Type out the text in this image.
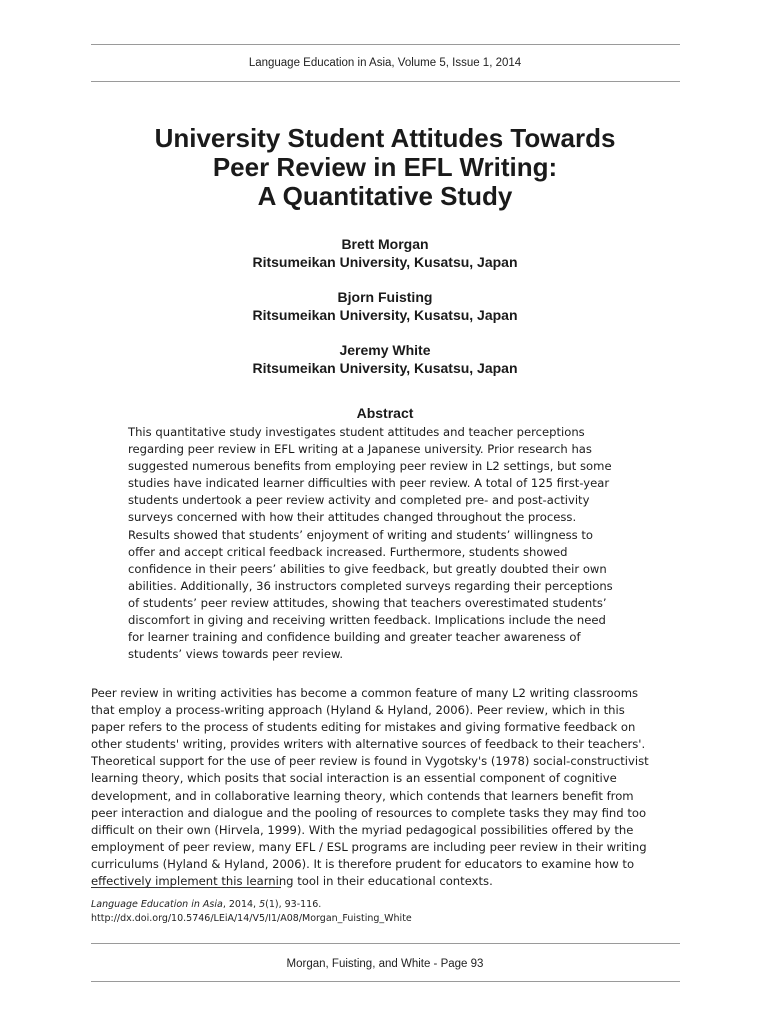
Language Education in Asia, Volume 5, Issue 1, 2014
University Student Attitudes Towards
Peer Review in EFL Writing:
A Quantitative Study
Brett Morgan
Ritsumeikan University, Kusatsu, Japan
Bjorn Fuisting
Ritsumeikan University, Kusatsu, Japan
Jeremy White
Ritsumeikan University, Kusatsu, Japan
Abstract
This quantitative study investigates student attitudes and teacher perceptions
regarding peer review in EFL writing at a Japanese university. Prior research has
suggested numerous benefits from employing peer review in L2 settings, but some
studies have indicated learner difficulties with peer review. A total of 125 first-year
students undertook a peer review activity and completed pre- and post-activity
surveys concerned with how their attitudes changed throughout the process.
Results showed that students’ enjoyment of writing and students’ willingness to
offer and accept critical feedback increased. Furthermore, students showed
confidence in their peers’ abilities to give feedback, but greatly doubted their own
abilities. Additionally, 36 instructors completed surveys regarding their perceptions
of students’ peer review attitudes, showing that teachers overestimated students’
discomfort in giving and receiving written feedback. Implications include the need
for learner training and confidence building and greater teacher awareness of
students’ views towards peer review.
Peer review in writing activities has become a common feature of many L2 writing classrooms
that employ a process-writing approach (Hyland & Hyland, 2006). Peer review, which in this
paper refers to the process of students editing for mistakes and giving formative feedback on
other students' writing, provides writers with alternative sources of feedback to their teachers'.
Theoretical support for the use of peer review is found in Vygotsky's (1978) social-constructivist
learning theory, which posits that social interaction is an essential component of cognitive
development, and in collaborative learning theory, which contends that learners benefit from
peer interaction and dialogue and the pooling of resources to complete tasks they may find too
difficult on their own (Hirvela, 1999). With the myriad pedagogical possibilities offered by the
employment of peer review, many EFL / ESL programs are including peer review in their writing
curriculums (Hyland & Hyland, 2006). It is therefore prudent for educators to examine how to
effectively implement this learning tool in their educational contexts.
Language Education in Asia, 2014, 5(1), 93-116.
http://dx.doi.org/10.5746/LEiA/14/V5/I1/A08/Morgan_Fuisting_White
Morgan, Fuisting, and White - Page 93
